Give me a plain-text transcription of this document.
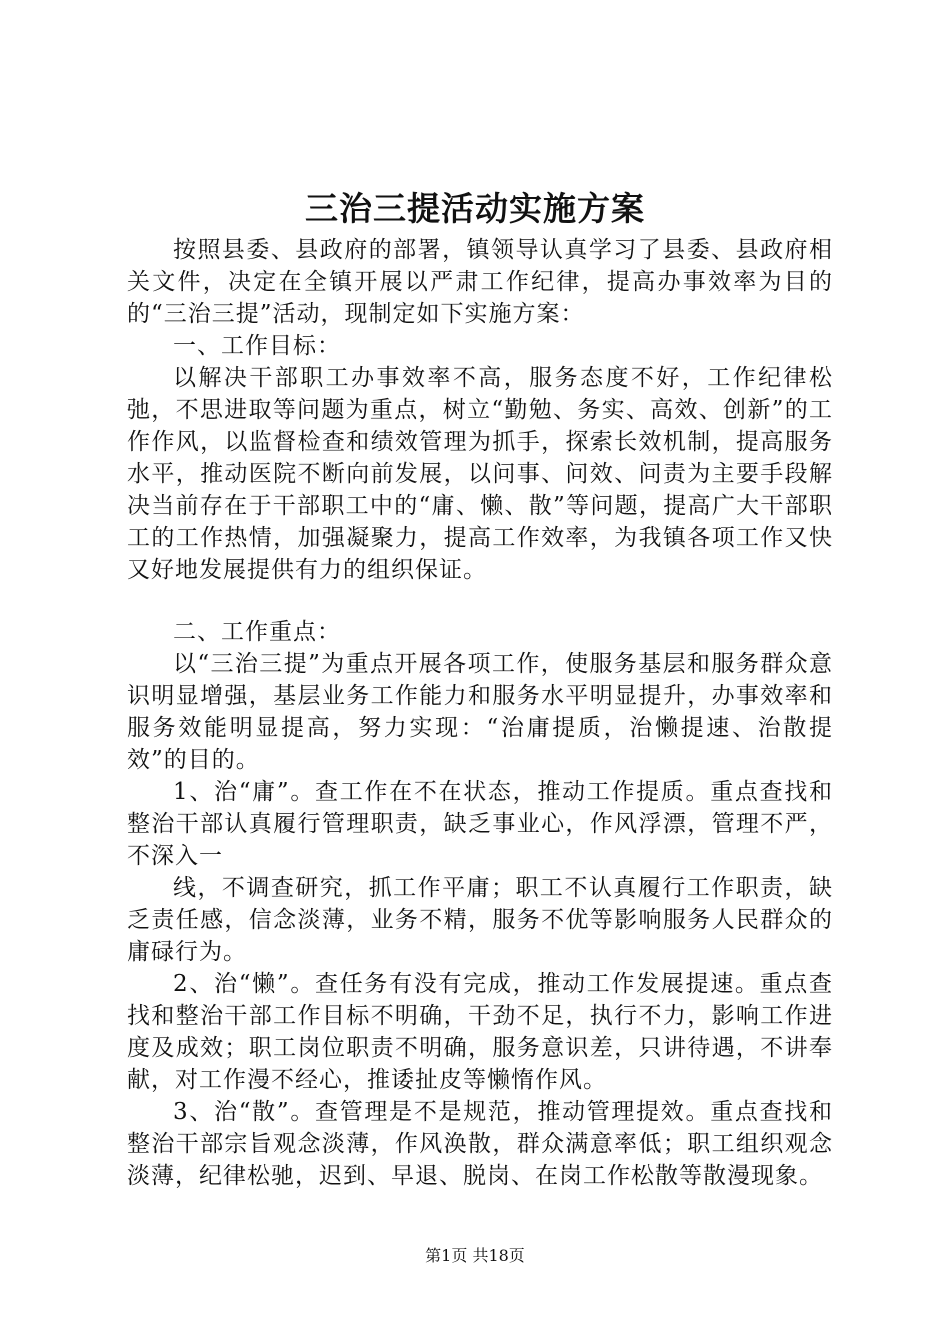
三治三提活动实施方案

按照县委、县政府的部署，镇领导认真学习了县委、县政府相关文件，决定在全镇开展以严肃工作纪律，提高办事效率为目的的“三治三提”活动，现制定如下实施方案：

一、工作目标：

以解决干部职工办事效率不高，服务态度不好，工作纪律松弛，不思进取等问题为重点，树立“勤勉、务实、高效、创新”的工作作风，以监督检查和绩效管理为抓手，探索长效机制，提高服务水平，推动医院不断向前发展，以问事、问效、问责为主要手段解决当前存在于干部职工中的“庸、懒、散”等问题，提高广大干部职工的工作热情，加强凝聚力，提高工作效率，为我镇各项工作又快又好地发展提供有力的组织保证。

二、工作重点：

以“三治三提”为重点开展各项工作，使服务基层和服务群众意识明显增强，基层业务工作能力和服务水平明显提升，办事效率和服务效能明显提高，努力实现：“治庸提质，治懒提速、治散提效”的目的。

1、治“庸”。查工作在不在状态，推动工作提质。重点查找和整治干部认真履行管理职责，缺乏事业心，作风浮漂，管理不严，不深入一

线，不调查研究，抓工作平庸；职工不认真履行工作职责，缺乏责任感，信念淡薄，业务不精，服务不优等影响服务人民群众的庸碌行为。

2、治“懒”。查任务有没有完成，推动工作发展提速。重点查找和整治干部工作目标不明确，干劲不足，执行不力，影响工作进度及成效；职工岗位职责不明确，服务意识差，只讲待遇，不讲奉献，对工作漫不经心，推诿扯皮等懒惰作风。

3、治“散”。查管理是不是规范，推动管理提效。重点查找和整治干部宗旨观念淡薄，作风涣散，群众满意率低；职工组织观念淡薄，纪律松驰，迟到、早退、脱岗、在岗工作松散等散漫现象。

第1页 共18页
